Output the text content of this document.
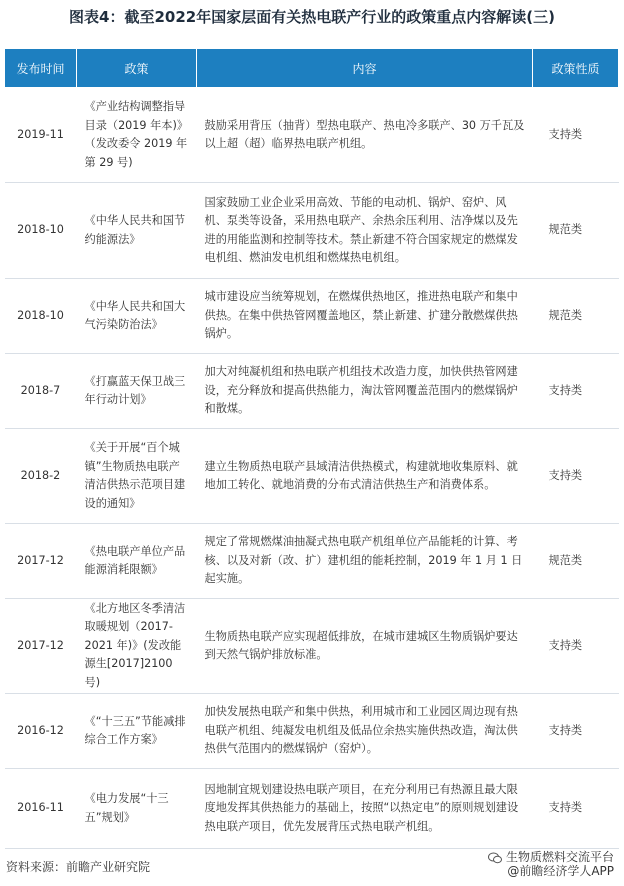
图表4：截至2022年国家层面有关热电联产行业的政策重点内容解读(三)
发布时间	政策	内容	政策性质
2019-11	《产业结构调整指导目录（2019 年本)》（发改委令 2019 年第 29 号)	鼓励采用背压（抽背）型热电联产、热电冷多联产、30 万千瓦及以上超（超）临界热电联产机组。	支持类
2018-10	《中华人民共和国节约能源法》	国家鼓励工业企业采用高效、节能的电动机、锅炉、窑炉、风机、泵类等设备，采用热电联产、余热余压利用、洁净煤以及先进的用能监测和控制等技术。禁止新建不符合国家规定的燃煤发电机组、燃油发电机组和燃煤热电机组。	规范类
2018-10	《中华人民共和国大气污染防治法》	城市建设应当统筹规划，在燃煤供热地区，推进热电联产和集中供热。在集中供热管网覆盖地区，禁止新建、扩建分散燃煤供热锅炉。	规范类
2018-7	《打赢蓝天保卫战三年行动计划》	加大对纯凝机组和热电联产机组技术改造力度，加快供热管网建设，充分释放和提高供热能力，淘汰管网覆盖范围内的燃煤锅炉和散煤。	支持类
2018-2	《关于开展“百个城镇”生物质热电联产清洁供热示范项目建设的通知》	建立生物质热电联产县域清洁供热模式，构建就地收集原料、就地加工转化、就地消费的分布式清洁供热生产和消费体系。	支持类
2017-12	《热电联产单位产品能源消耗限额》	规定了常规燃煤油抽凝式热电联产机组单位产品能耗的计算、考核、以及对新（改、扩）建机组的能耗控制，2019 年 1 月 1 日起实施。	规范类
2017-12	《北方地区冬季清洁取暖规划（2017-2021 年)》(发改能源生[2017]2100 号)	生物质热电联产应实现超低排放，在城市建城区生物质锅炉要达到天然气锅炉排放标准。	支持类
2016-12	《“十三五”节能减排综合工作方案》	加快发展热电联产和集中供热，利用城市和工业园区周边现有热电联产机组、纯凝发电机组及低品位余热实施供热改造，淘汰供热供气范围内的燃煤锅炉（窑炉）。	支持类
2016-11	《电力发展“十三五”规划》	因地制宜规划建设热电联产项目，在充分利用已有热源且最大限度地发挥其供热能力的基础上，按照“以热定电”的原则规划建设热电联产项目，优先发展背压式热电联产机组。	支持类
资料来源：前瞻产业研究院
生物质燃料交流平台
@前瞻经济学人APP
